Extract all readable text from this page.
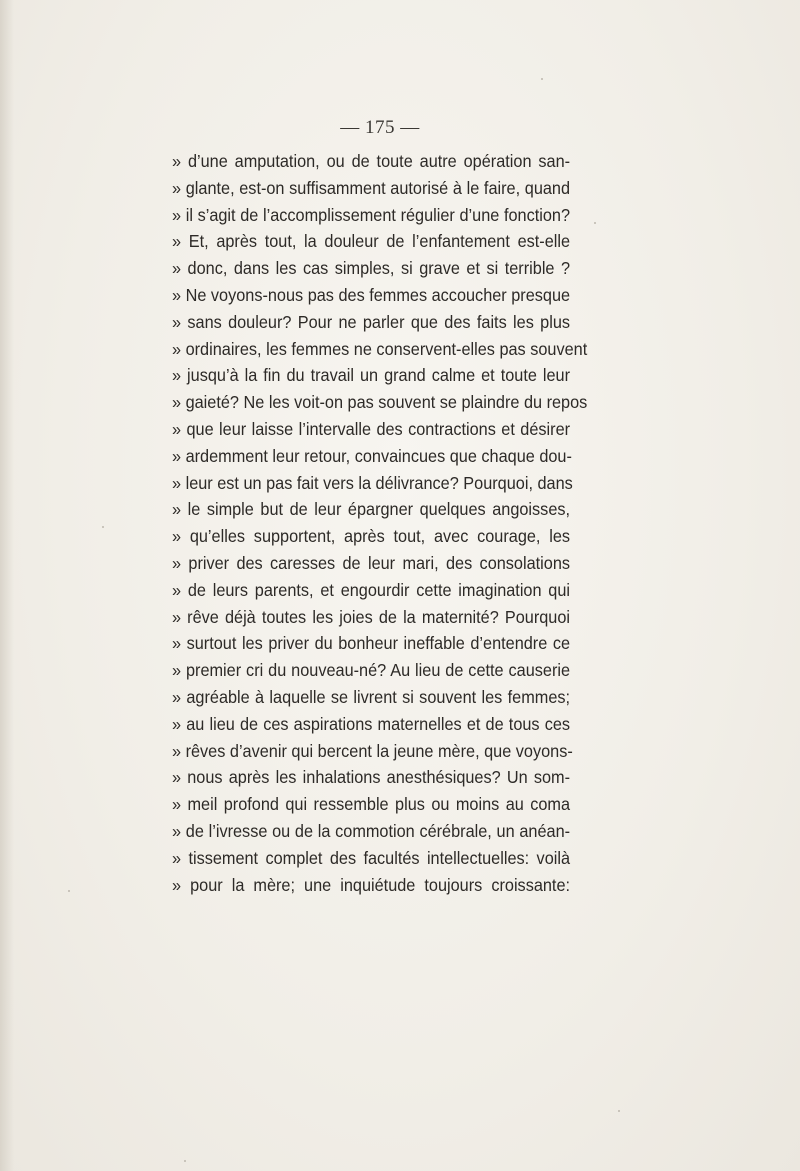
— 175 —
» d’une amputation, ou de toute autre opération san-
» glante, est-on suffisamment autorisé à le faire, quand
» il s’agit de l’accomplissement régulier d’une fonction?
» Et, après tout, la douleur de l’enfantement est-elle
» donc, dans les cas simples, si grave et si terrible ?
» Ne voyons-nous pas des femmes accoucher presque
» sans douleur? Pour ne parler que des faits les plus
» ordinaires, les femmes ne conservent-elles pas souvent
» jusqu’à la fin du travail un grand calme et toute leur
» gaieté? Ne les voit-on pas souvent se plaindre du repos
» que leur laisse l’intervalle des contractions et désirer
» ardemment leur retour, convaincues que chaque dou-
» leur est un pas fait vers la délivrance? Pourquoi, dans
» le simple but de leur épargner quelques angoisses,
» qu’elles supportent, après tout, avec courage, les
» priver des caresses de leur mari, des consolations
» de leurs parents, et engourdir cette imagination qui
» rêve déjà toutes les joies de la maternité? Pourquoi
» surtout les priver du bonheur ineffable d’entendre ce
» premier cri du nouveau-né? Au lieu de cette causerie
» agréable à laquelle se livrent si souvent les femmes;
» au lieu de ces aspirations maternelles et de tous ces
» rêves d’avenir qui bercent la jeune mère, que voyons-
» nous après les inhalations anesthésiques? Un som-
» meil profond qui ressemble plus ou moins au coma
» de l’ivresse ou de la commotion cérébrale, un anéan-
» tissement complet des facultés intellectuelles: voilà
» pour la mère; une inquiétude toujours croissante:
